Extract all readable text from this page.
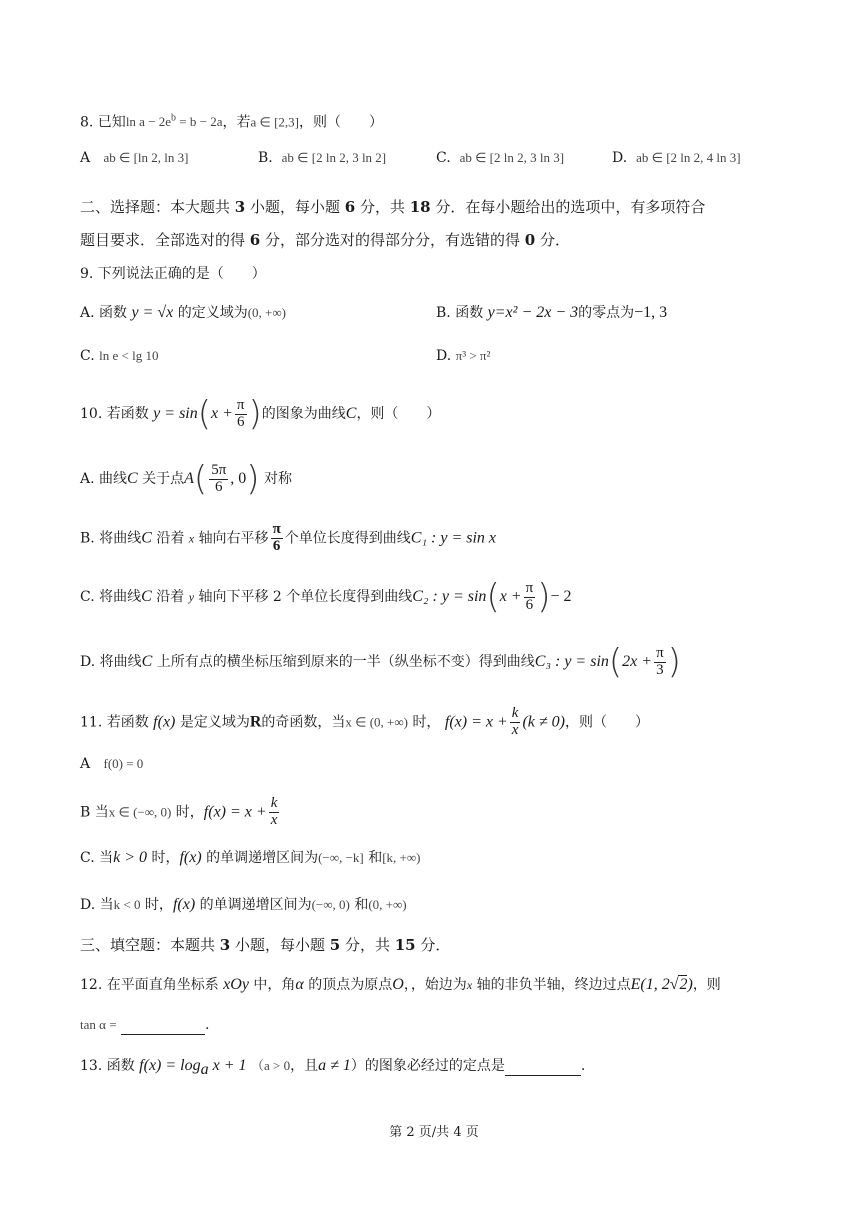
8. 已知$\ln a - 2e^b = b - 2a$，若a ∈ [2,3]，则（　　）
A ab ∈ [ln 2, ln 3]	B. ab ∈ [2 ln 2, 3 ln 2]	C. ab ∈ [2 ln 2, 3 ln 3]	D. ab ∈ [2 ln 2, 4 ln 3]
二、选择题：本大题共 3 小题，每小题 6 分，共 18 分．在每小题给出的选项中，有多项符合
题目要求．全部选对的得 6 分，部分选对的得部分分，有选错的得 0 分．
9. 下列说法正确的是（　　）
A. 函数 y = √x 的定义域为(0, +∞)	B. 函数 y=x² − 2x − 3的零点为−1, 3
C. ln e < lg 10	D. π³ > π²
10. 若函数 $y = \sin(x + \frac{\pi}{6}$ )的图象为曲线C，则（　　）
A. 曲线C 关于点$A( \frac{5\pi}{6}$ , 0) 对称
B. 将曲线C 沿着 x 轴向右平移 $\frac{\pi}{6}$ 个单位长度得到曲线C₁ : y = sin x
C. 将曲线C 沿着 y 轴向下平移 2 个单位长度得到曲线C₂ : $y = \sin(x + \frac{\pi}{6}$ )− 2
D. 将曲线C 上所有点的横坐标压缩到原来的一半（纵坐标不变）得到曲线C₃ : $y = \sin(2x + \frac{\pi}{3}$ )
11. 若函数 f(x) 是定义域为R的奇函数，当x ∈ (0, +∞) 时， $f(x) = x + \frac{k}{x} (k \ne 0)$，则（　　）
A f(0) = 0
B 当x ∈ (−∞, 0) 时，$f(x) = x + \frac{k}{x}$
C. 当k > 0 时，f(x) 的单调递增区间为(−∞, −k] 和[k, +∞)
D. 当k < 0 时，f(x) 的单调递增区间为(−∞, 0) 和(0, +∞)
三、填空题：本题共 3 小题，每小题 5 分，共 15 分．
12. 在平面直角坐标系 xOy 中，角α 的顶点为原点O，，始边为x 轴的非负半轴，终边过点E(1, 2√2)，则
tan α =	.
13. 函数 $f(x) = \log_a x + 1$ （a > 0，且a ≠ 1）的图象必经过的定点是	.
第 2 页/共 4 页
